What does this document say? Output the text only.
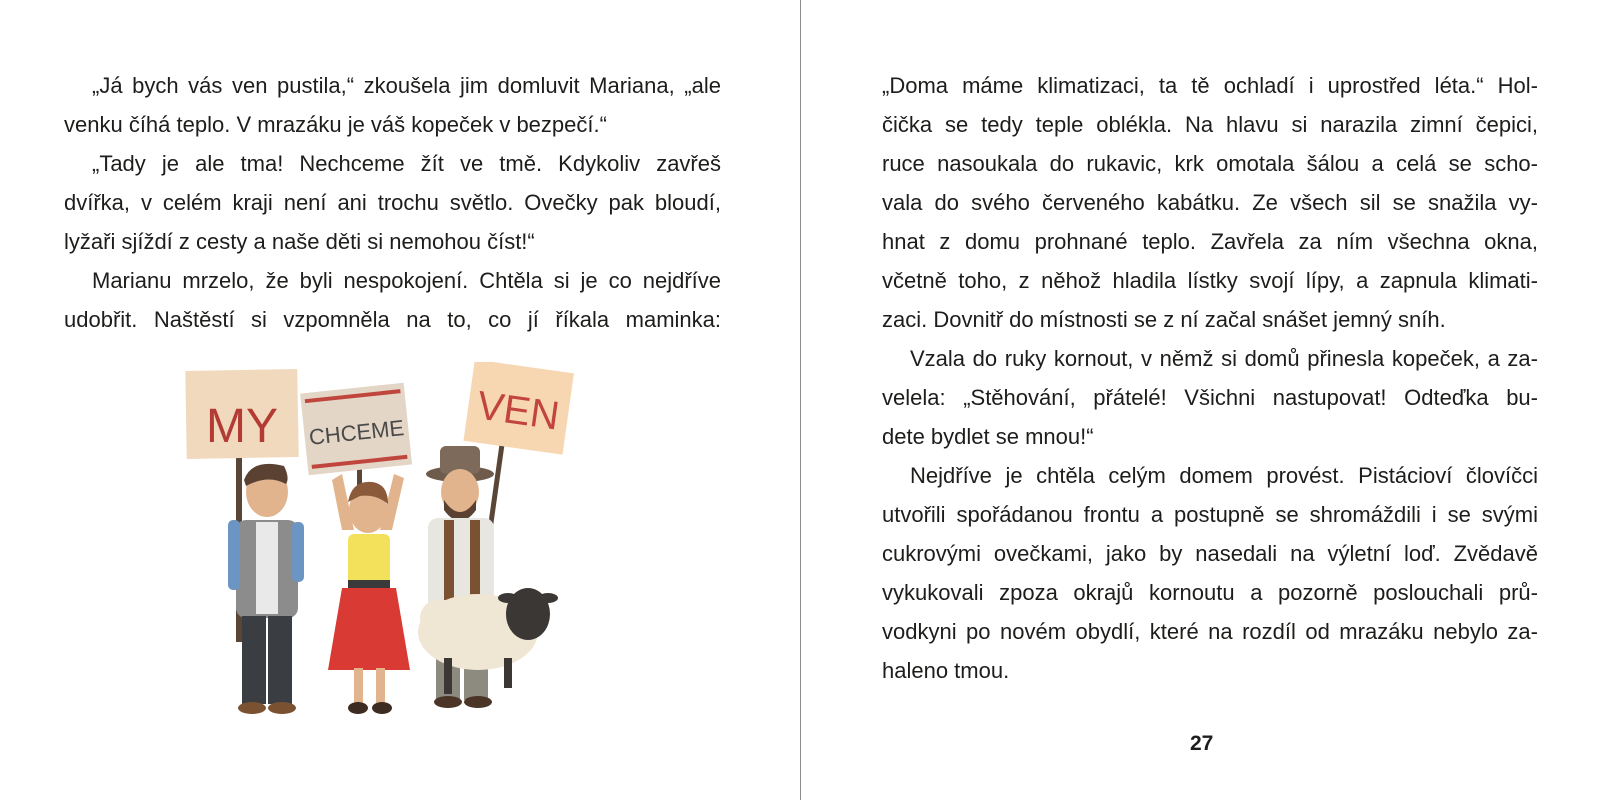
„Já bych vás ven pustila,“ zkoušela jim domluvit Mariana, „ale
venku číhá teplo. V mrazáku je váš kopeček v bezpečí.“
„Tady je ale tma! Nechceme žít ve tmě. Kdykoliv zavřeš
dvířka, v celém kraji není ani trochu světlo. Ovečky pak bloudí,
lyžaři sjíždí z cesty a naše děti si nemohou číst!“
Marianu mrzelo, že byli nespokojení. Chtěla si je co nejdříve
udobřit. Naštěstí si vzpomněla na to, co jí říkala maminka:
MY CHCEME VEN
„Doma máme klimatizaci, ta tě ochladí i uprostřed léta.“ Hol-
čička se tedy teple oblékla. Na hlavu si narazila zimní čepici,
ruce nasoukala do rukavic, krk omotala šálou a celá se scho-
vala do svého červeného kabátku. Ze všech sil se snažila vy-
hnat z domu prohnané teplo. Zavřela za ním všechna okna,
včetně toho, z něhož hladila lístky svojí lípy, a zapnula klimati-
zaci. Dovnitř do místnosti se z ní začal snášet jemný sníh.
Vzala do ruky kornout, v němž si domů přinesla kopeček, a za-
velela: „Stěhování, přátelé! Všichni nastupovat! Odteďka bu-
dete bydlet se mnou!“
Nejdříve je chtěla celým domem provést. Pistácioví človíčci
utvořili spořádanou frontu a postupně se shromáždili i se svými
cukrovými ovečkami, jako by nasedali na výletní loď. Zvědavě
vykukovali zpoza okrajů kornoutu a pozorně poslouchali prů-
vodkyni po novém obydlí, které na rozdíl od mrazáku nebylo za-
haleno tmou.
27
